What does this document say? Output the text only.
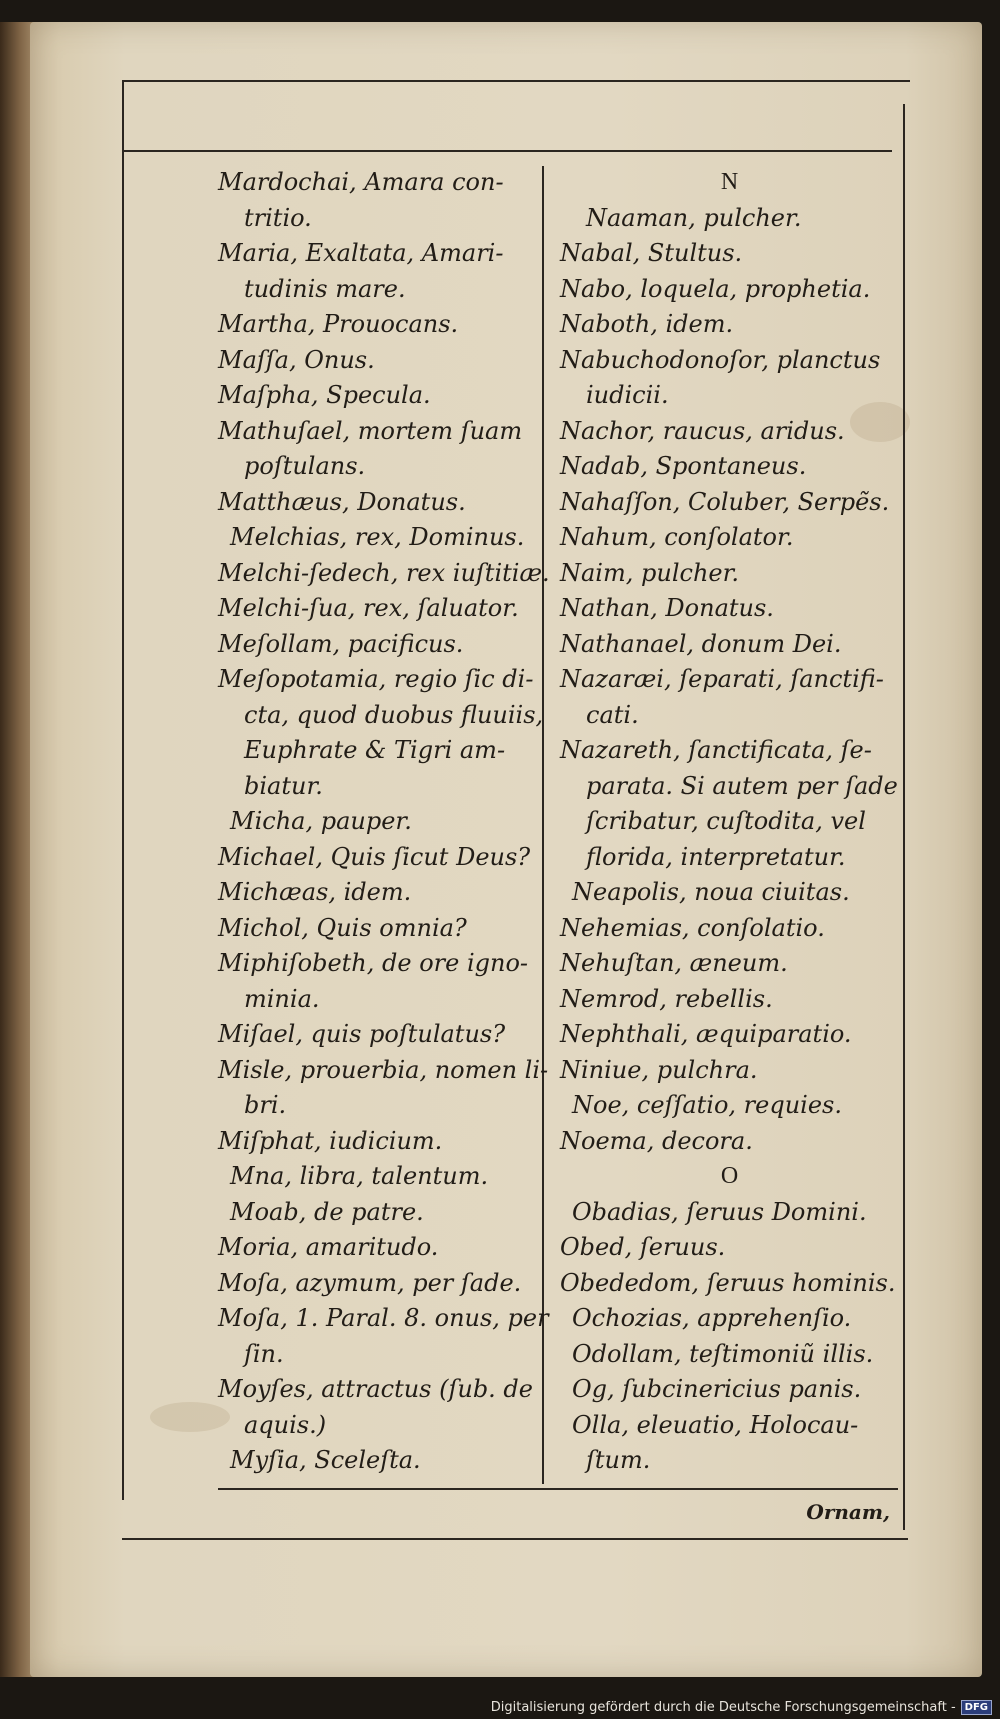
Mardochai, Amara con-
tritio.
Maria, Exaltata, Amari-
tudinis mare.
Martha, Prouocans.
Maſſa, Onus.
Maſpha, Specula.
Mathuſael, mortem ſuam
poſtulans.
Matthæus, Donatus.
Melchias, rex, Dominus.
Melchi-ſedech, rex iuſtitiæ.
Melchi-ſua, rex, ſaluator.
Meſollam, pacificus.
Meſopotamia, regio ſic di-
cta, quod duobus fluuiis,
Euphrate & Tigri am-
biatur.
Micha, pauper.
Michael, Quis ſicut Deus?
Michæas, idem.
Michol, Quis omnia?
Miphiſobeth, de ore igno-
minia.
Miſael, quis poſtulatus?
Misle, prouerbia, nomen li-
bri.
Miſphat, iudicium.
Mna, libra, talentum.
Moab, de patre.
Moria, amaritudo.
Moſa, azymum, per ſade.
Moſa, 1. Paral. 8. onus, per
ſin.
Moyſes, attractus (ſub. de
aquis.)
Myſia, Sceleſta.
N
Naaman, pulcher.
Nabal, Stultus.
Nabo, loquela, prophetia.
Naboth, idem.
Nabuchodonoſor, planctus
iudicii.
Nachor, raucus, aridus.
Nadab, Spontaneus.
Nahaſſon, Coluber, Serpẽs.
Nahum, conſolator.
Naim, pulcher.
Nathan, Donatus.
Nathanael, donum Dei.
Nazaræi, ſeparati, ſanctifi-
cati.
Nazareth, ſanctificata, ſe-
parata. Si autem per ſade
ſcribatur, cuſtodita, vel
florida, interpretatur.
Neapolis, noua ciuitas.
Nehemias, conſolatio.
Nehuſtan, æneum.
Nemrod, rebellis.
Nephthali, æquiparatio.
Niniue, pulchra.
Noe, ceſſatio, requies.
Noema, decora.
O
Obadias, ſeruus Domini.
Obed, ſeruus.
Obededom, ſeruus hominis.
Ochozias, apprehenſio.
Odollam, teſtimoniũ illis.
Og, ſubcinericius panis.
Olla, eleuatio, Holocau-
ſtum.
Ornam,
Digitalisierung gefördert durch die Deutsche Forschungsgemeinschaft - DFG
